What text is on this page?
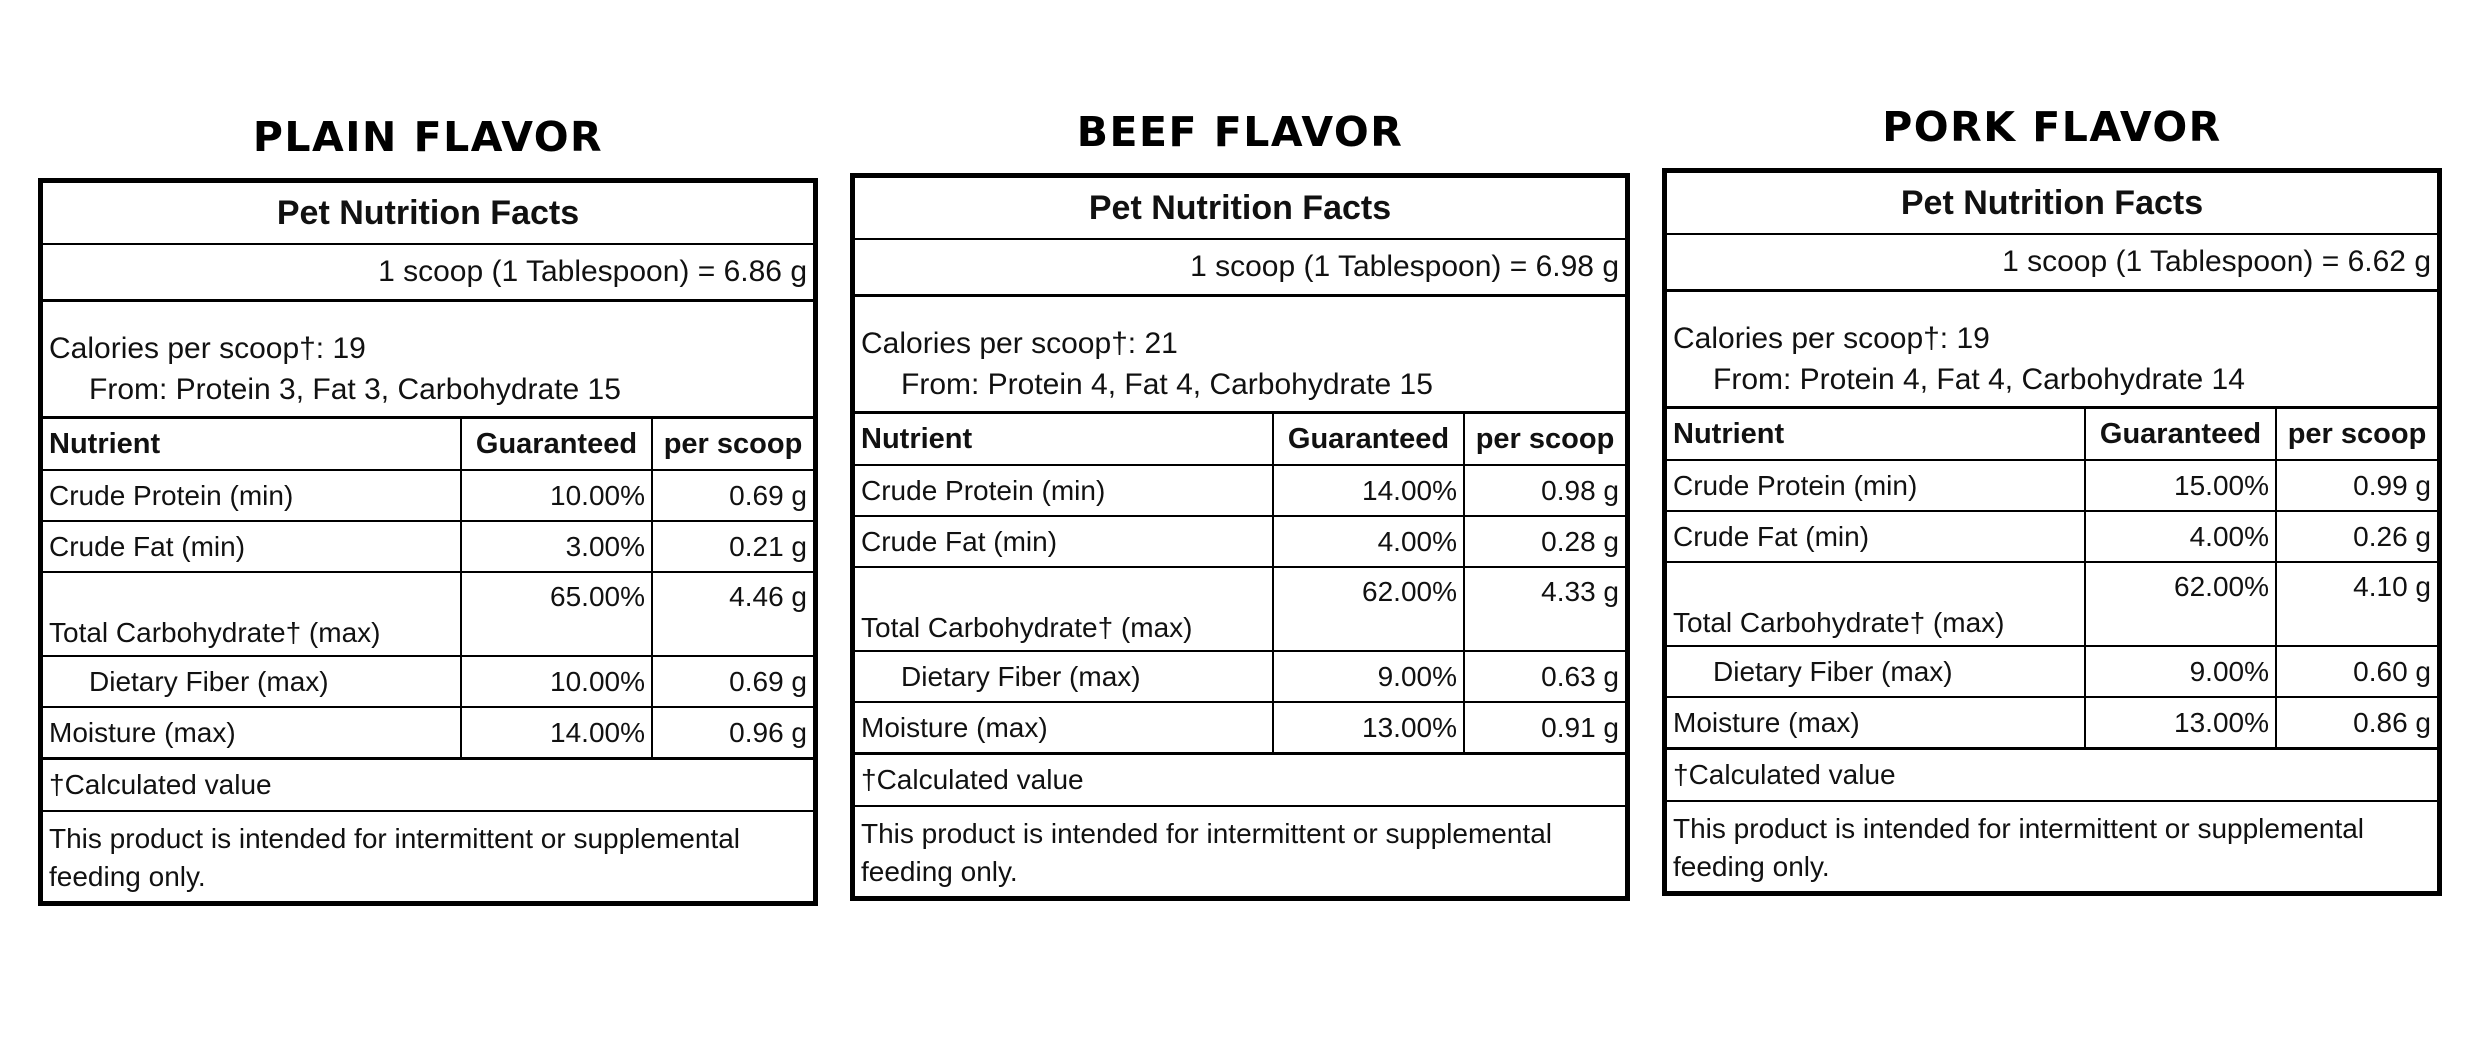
PLAIN FLAVOR
Pet Nutrition Facts
1 scoop (1 Tablespoon) = 6.86 g
Calories per scoop†: 19
From: Protein 3, Fat 3, Carbohydrate 15
Nutrient	Guaranteed	per scoop
Crude Protein (min)	10.00%	0.69 g
Crude Fat (min)	3.00%	0.21 g
Total Carbohydrate† (max)	65.00%	4.46 g
Dietary Fiber (max)	10.00%	0.69 g
Moisture (max)	14.00%	0.96 g
†Calculated value
This product is intended for intermittent or supplemental feeding only.
BEEF FLAVOR
Pet Nutrition Facts
1 scoop (1 Tablespoon) = 6.98 g
Calories per scoop†: 21
From: Protein 4, Fat 4, Carbohydrate 15
Nutrient	Guaranteed	per scoop
Crude Protein (min)	14.00%	0.98 g
Crude Fat (min)	4.00%	0.28 g
Total Carbohydrate† (max)	62.00%	4.33 g
Dietary Fiber (max)	9.00%	0.63 g
Moisture (max)	13.00%	0.91 g
†Calculated value
This product is intended for intermittent or supplemental feeding only.
PORK FLAVOR
Pet Nutrition Facts
1 scoop (1 Tablespoon) = 6.62 g
Calories per scoop†: 19
From: Protein 4, Fat 4, Carbohydrate 14
Nutrient	Guaranteed	per scoop
Crude Protein (min)	15.00%	0.99 g
Crude Fat (min)	4.00%	0.26 g
Total Carbohydrate† (max)	62.00%	4.10 g
Dietary Fiber (max)	9.00%	0.60 g
Moisture (max)	13.00%	0.86 g
†Calculated value
This product is intended for intermittent or supplemental feeding only.
